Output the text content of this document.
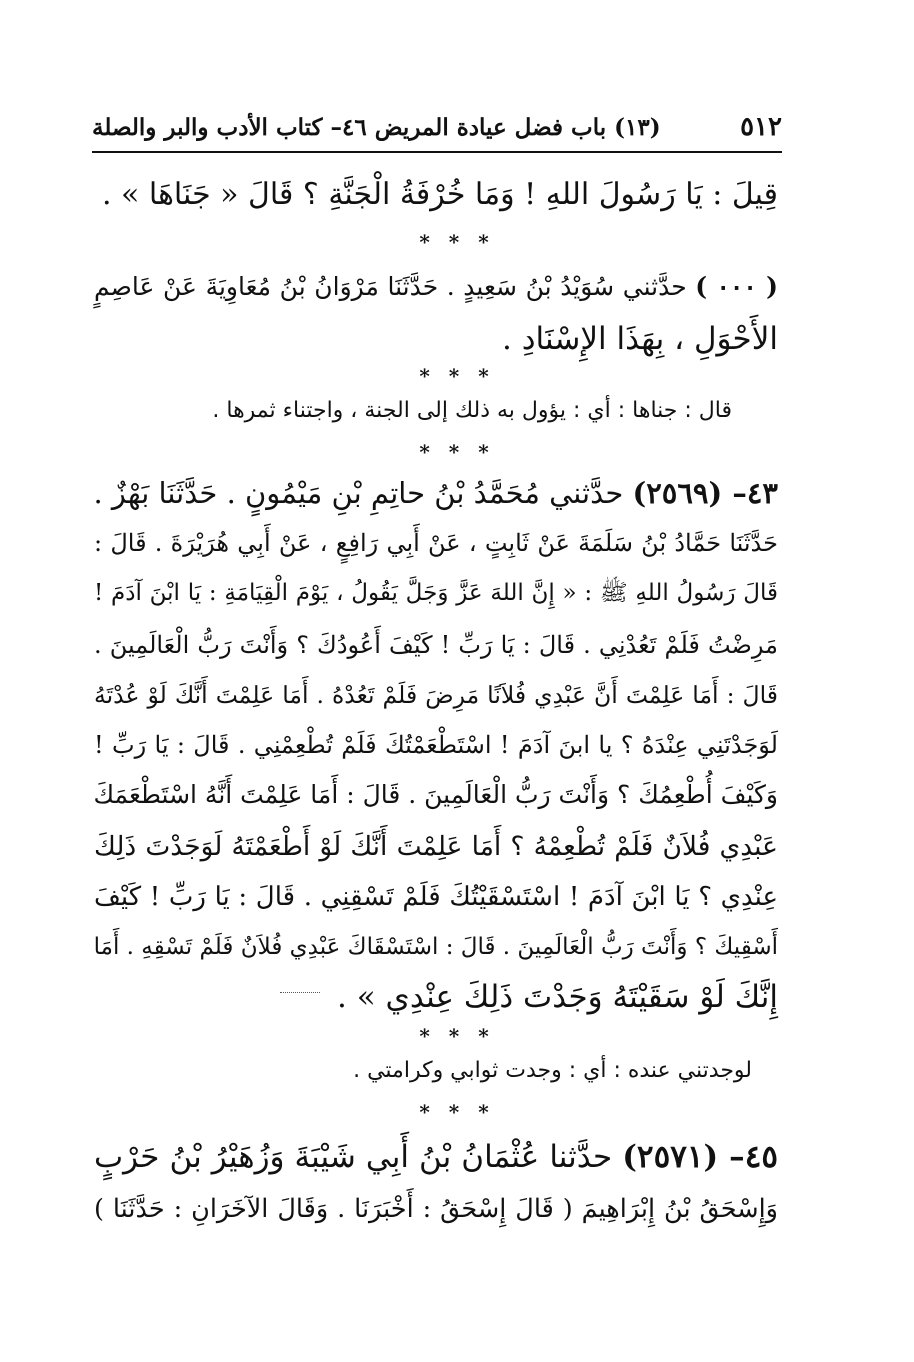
٥١٢
(١٣) باب فضل عيادة المريض ٤٦– كتاب الأدب والبر والصلة
قِيلَ : يَا رَسُولَ اللهِ ! وَمَا خُرْفَةُ الْجَنَّةِ ؟ قَالَ « جَنَاهَا » .
* * *
( ٠٠٠ ) حدَّثني سُوَيْدُ بْنُ سَعِيدٍ . حَدَّثَنَا مَرْوَانُ بْنُ مُعَاوِيَةَ عَنْ عَاصِمٍ
الأَحْوَلِ ، بِهَذَا الإِسْنَادِ .
* * *
قال : جناها : أي : يؤول به ذلك إلى الجنة ، واجتناء ثمرها .
* * *
٤٣– (٢٥٦٩) حدَّثني مُحَمَّدُ بْنُ حاتِمِ بْنِ مَيْمُونٍ . حَدَّثَنَا بَهْزٌ .
حَدَّثَنَا حَمَّادُ بْنُ سَلَمَةَ عَنْ ثَابِتٍ ، عَنْ أَبِي رَافِعٍ ، عَنْ أَبِي هُرَيْرَةَ . قَالَ :
قَالَ رَسُولُ اللهِ ﷺ : « إِنَّ اللهَ عَزَّ وَجَلَّ يَقُولُ ، يَوْمَ الْقِيَامَةِ : يَا ابْنَ آدَمَ !
مَرِضْتُ فَلَمْ تَعُدْنِي . قَالَ : يَا رَبِّ ! كَيْفَ أَعُودُكَ ؟ وَأَنْتَ رَبُّ الْعَالَمِينَ .
قَالَ : أَمَا عَلِمْتَ أَنَّ عَبْدِي فُلاَنًا مَرِضَ فَلَمْ تَعُدْهُ . أَمَا عَلِمْتَ أَنَّكَ لَوْ عُدْتَهُ
لَوَجَدْتَنِي عِنْدَهُ ؟ يا ابنَ آدَمَ ! اسْتَطْعَمْتُكَ فَلَمْ تُطْعِمْنِي . قَالَ : يَا رَبِّ !
وَكَيْفَ أُطْعِمُكَ ؟ وَأَنْتَ رَبُّ الْعَالَمِينَ . قَالَ : أَمَا عَلِمْتَ أَنَّهُ اسْتَطْعَمَكَ
عَبْدِي فُلاَنٌ فَلَمْ تُطْعِمْهُ ؟ أَمَا عَلِمْتَ أَنَّكَ لَوْ أَطْعَمْتَهُ لَوَجَدْتَ ذَلِكَ
عِنْدِي ؟ يَا ابْنَ آدَمَ ! اسْتَسْقَيْتُكَ فَلَمْ تَسْقِنِي . قَالَ : يَا رَبِّ ! كَيْفَ
أَسْقِيكَ ؟ وَأَنْتَ رَبُّ الْعَالَمِينَ . قَالَ : اسْتَسْقَاكَ عَبْدِي فُلاَنٌ فَلَمْ تَسْقِهِ . أَمَا
إِنَّكَ لَوْ سَقَيْتَهُ وَجَدْتَ ذَلِكَ عِنْدِي » .
* * *
لوجدتني عنده : أي : وجدت ثوابي وكرامتي .
* * *
٤٥– (٢٥٧١) حدَّثنا عُثْمَانُ بْنُ أَبِي شَيْبَةَ وَزُهَيْرُ بْنُ حَرْبٍ
وَإِسْحَقُ بْنُ إِبْرَاهِيمَ ( قَالَ إِسْحَقُ : أَخْبَرَنَا . وَقَالَ الآخَرَانِ : حَدَّثَنَا )
